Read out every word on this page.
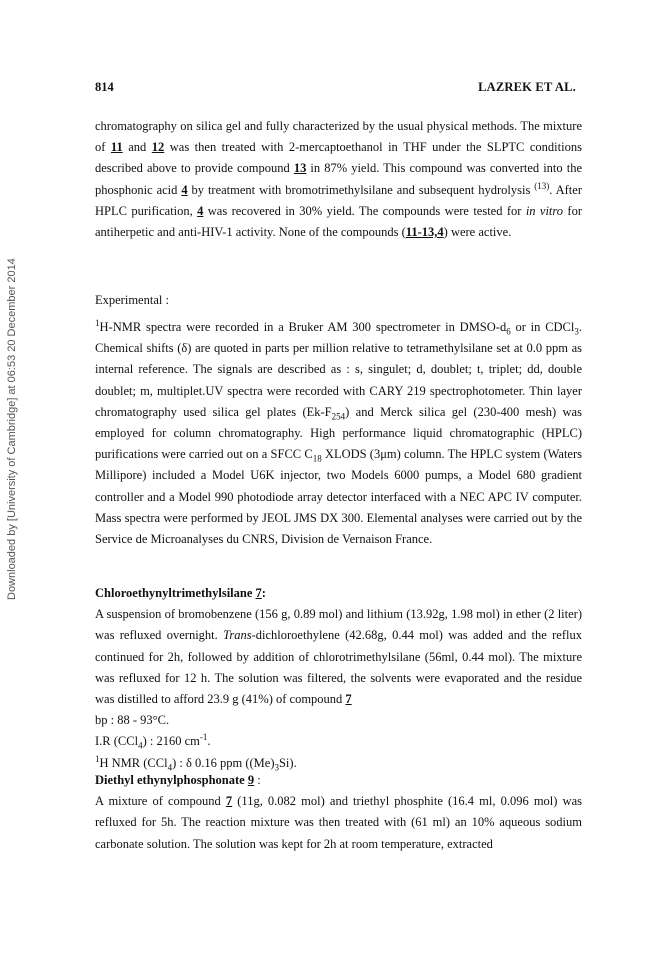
814	LAZREK ET AL.
Downloaded by [University of Cambridge] at 06:53 20 December 2014

chromatography on silica gel and fully characterized by the usual physical methods. The mixture of 11 and 12 was then treated with 2-mercaptoethanol in THF under the SLPTC conditions described above to provide compound 13 in 87% yield. This compound was converted into the phosphonic acid 4 by treatment with bromotrimethylsilane and subsequent hydrolysis $^{(13)}$. After HPLC purification, 4 was recovered in 30% yield. The compounds were tested for in vitro for antiherpetic and anti-HIV-1 activity. None of the compounds (11-13,4) were active.

Experimental :

$^1$H-NMR spectra were recorded in a Bruker AM 300 spectrometer in DMSO-$d_6$ or in CDCl$_3$. Chemical shifts (δ) are quoted in parts per million relative to tetramethylsilane set at 0.0 ppm as internal reference. The signals are described as : s, singulet; d, doublet; t, triplet; dd, double doublet; m, multiplet.UV spectra were recorded with CARY 219 spectrophotometer. Thin layer chromatography used silica gel plates $(Ek-F_{254})$ and Merck silica gel (230-400 mesh) was employed for column chromatography. High performance liquid chromatographic (HPLC) purifications were carried out on a SFCC $C_{18}$ XLODS (3μm) column. The HPLC system (Waters Millipore) included a Model U6K injector, two Models 6000 pumps, a Model 680 gradient controller and a Model 990 photodiode array detector interfaced with a NEC APC IV computer. Mass spectra were performed by JEOL JMS DX 300. Elemental analyses were carried out by the Service de Microanalyses du CNRS, Division de Vernaison France.

Chloroethynyltrimethylsilane 7:

A suspension of bromobenzene (156 g, 0.89 mol) and lithium (13.92g, 1.98 mol) in ether (2 liter) was refluxed overnight. Trans-dichloroethylene (42.68g, 0.44 mol) was added and the reflux continued for 2h, followed by addition of chlorotrimethylsilane (56ml, 0.44 mol). The mixture was refluxed for 12 h. The solution was filtered, the solvents were evaporated and the residue was distilled to afford 23.9 g (41%) of compound 7

bp : 88 - 93°C.

I.R (CCl$_4$) : 2160 $cm^{-1}$.

$^1$H NMR (CCl$_4$) : δ 0.16 ppm $((Me)_3Si)$.

Diethyl ethynylphosphonate 9 :

A mixture of compound 7 (11g, 0.082 mol) and triethyl phosphite (16.4 ml, 0.096 mol) was refluxed for 5h. The reaction mixture was then treated with (61 ml) an 10% aqueous sodium carbonate solution. The solution was kept for 2h at room temperature, extracted
